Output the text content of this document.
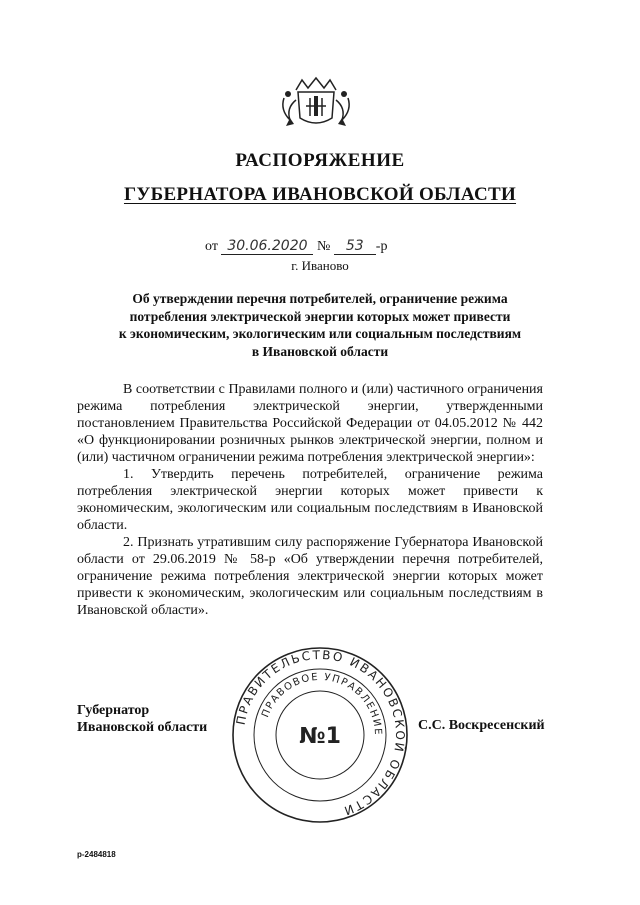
РАСПОРЯЖЕНИЕ
ГУБЕРНАТОРА ИВАНОВСКОЙ ОБЛАСТИ
от 30.06.2020 № 53 -р
г. Иваново
Об утверждении перечня потребителей, ограничение режима
потребления электрической энергии которых может привести
к экономическим, экологическим или социальным последствиям
в Ивановской области

В соответствии с Правилами полного и (или) частичного ограничения режима потребления электрической энергии, утвержденными постановлением Правительства Российской Федерации от 04.05.2012 № 442 «О функционировании розничных рынков электрической энергии, полном и (или) частичном ограничении режима потребления электрической энергии»:

1. Утвердить перечень потребителей, ограничение режима потребления электрической энергии которых может привести к экономическим, экологическим или социальным последствиям в Ивановской области.

2. Признать утратившим силу распоряжение Губернатора Ивановской области от 29.06.2019 № 58-р «Об утверждении перечня потребителей, ограничение режима потребления электрической энергии которых может привести к экономическим, экологическим или социальным последствиям в Ивановской области».

ПРАВИТЕЛЬСТВО ИВАНОВСКОЙ ОБЛАСТИ
ПРАВОВОЕ УПРАВЛЕНИЕ
№1
Губернатор
Ивановской области	С.С. Воскресенский
р-2484818
